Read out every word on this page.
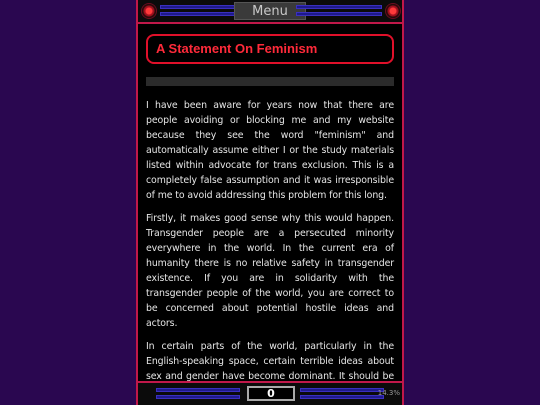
Menu
A Statement On Feminism

I have been aware for years now that there are people avoiding or blocking me and my website because they see the word "feminism" and automatically assume either I or the study materials listed within advocate for trans exclusion. This is a completely false assumption and it was irresponsible of me to avoid addressing this problem for this long.

Firstly, it makes good sense why this would happen. Transgender people are a persecuted minority everywhere in the world. In the current era of humanity there is no relative safety in transgender existence. If you are in solidarity with the transgender people of the world, you are correct to be concerned about potential hostile ideas and actors.

In certain parts of the world, particularly in the English-speaking space, certain terrible ideas about sex and gender have become dominant. It should be

0	14.3%
